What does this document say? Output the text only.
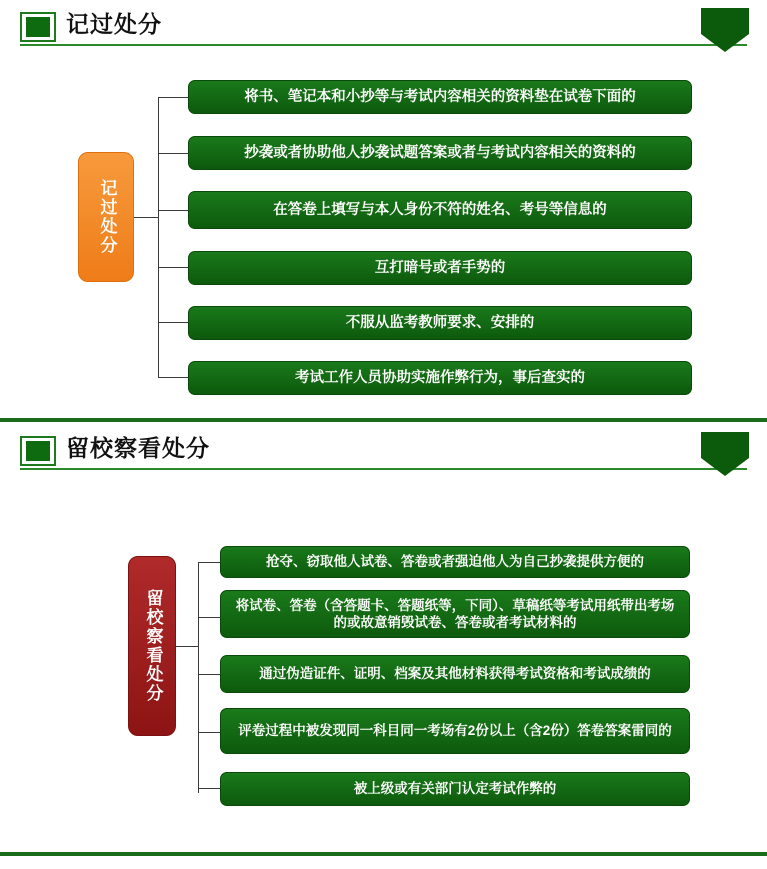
记过处分
记过处分
将书、笔记本和小抄等与考试内容相关的资料垫在试卷下面的
抄袭或者协助他人抄袭试题答案或者与考试内容相关的资料的
在答卷上填写与本人身份不符的姓名、考号等信息的
互打暗号或者手势的
不服从监考教师要求、安排的
考试工作人员协助实施作弊行为，事后查实的
留校察看处分
留校察看处分
抢夺、窃取他人试卷、答卷或者强迫他人为自己抄袭提供方便的
将试卷、答卷（含答题卡、答题纸等，下同）、草稿纸等考试用纸带出考场的或故意销毁试卷、答卷或者考试材料的
通过伪造证件、证明、档案及其他材料获得考试资格和考试成绩的
评卷过程中被发现同一科目同一考场有2份以上（含2份）答卷答案雷同的
被上级或有关部门认定考试作弊的
